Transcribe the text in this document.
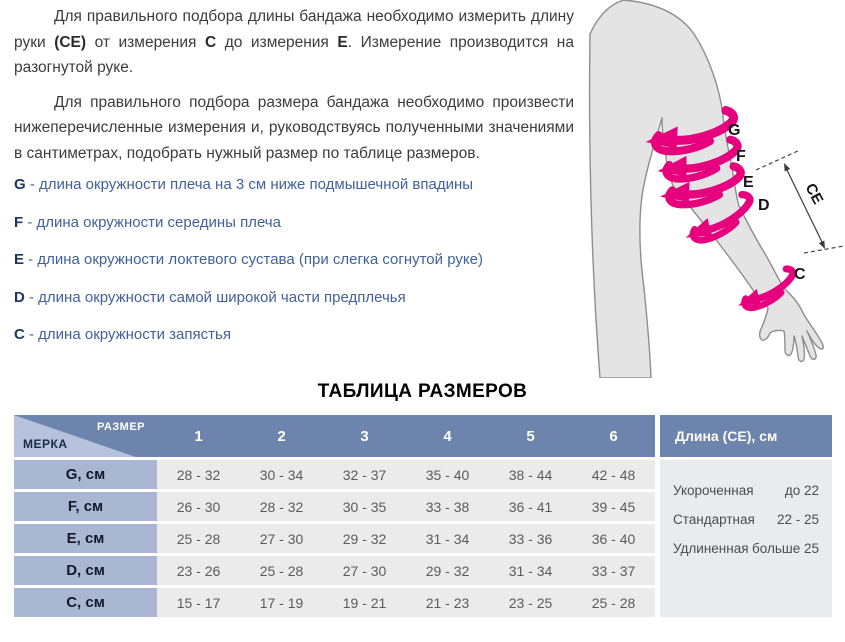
Для правильного подбора длины бандажа необходимо измерить длину руки (СЕ) от измерения С до измерения Е. Измерение производится на разогнутой руке.

Для правильного подбора размера бандажа необходимо произвести нижеперечисленные измерения и, руководствуясь полученными значениями в сантиметрах, подобрать нужный размер по таблице размеров.

G - длина окружности плеча на 3 см ниже подмышечной впадины
F - длина окружности середины плеча
E - длина окружности локтевого сустава (при слегка согнутой руке)
D - длина окружности самой широкой части предплечья
C - длина окружности запястья
CE
G
F
E
D
C
ТАБЛИЦА РАЗМЕРОВ
РАЗМЕР
МЕРКА	1	2	3	4	5	6
G, см	28 - 32	30 - 34	32 - 37	35 - 40	38 - 44	42 - 48
F, см	26 - 30	28 - 32	30 - 35	33 - 38	36 - 41	39 - 45
E, см	25 - 28	27 - 30	29 - 32	31 - 34	33 - 36	36 - 40
D, см	23 - 26	25 - 28	27 - 30	29 - 32	31 - 34	33 - 37
C, см	15 - 17	17 - 19	19 - 21	21 - 23	23 - 25	25 - 28
Длина (СЕ), см
Укороченная до 22
Стандартная 22 - 25
Удлиненная больше 25
